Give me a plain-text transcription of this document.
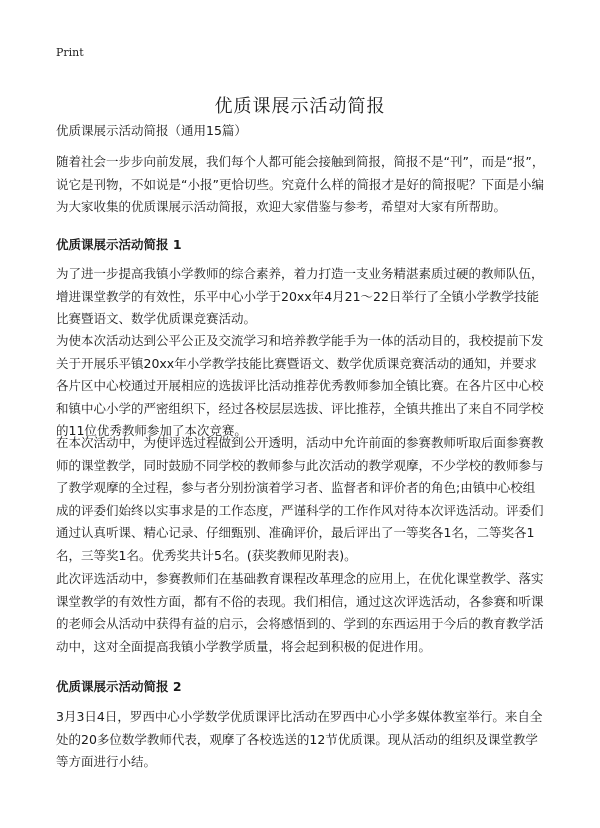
Print
优质课展示活动简报

优质课展示活动简报（通用15篇）

随着社会一步步向前发展，我们每个人都可能会接触到简报，简报不是“刊”，而是“报”，说它是刊物，不如说是“小报”更恰切些。究竟什么样的简报才是好的简报呢？下面是小编为大家收集的优质课展示活动简报，欢迎大家借鉴与参考，希望对大家有所帮助。

优质课展示活动简报 1

为了进一步提高我镇小学教师的综合素养，着力打造一支业务精湛素质过硬的教师队伍，增进课堂教学的有效性，乐平中心小学于20xx年4月21～22日举行了全镇小学教学技能比赛暨语文、数学优质课竞赛活动。

为使本次活动达到公平公正及交流学习和培养教学能手为一体的活动目的，我校提前下发关于开展乐平镇20xx年小学教学技能比赛暨语文、数学优质课竞赛活动的通知，并要求各片区中心校通过开展相应的选拔评比活动推荐优秀教师参加全镇比赛。在各片区中心校和镇中心小学的严密组织下，经过各校层层选拔、评比推荐，全镇共推出了来自不同学校的11位优秀教师参加了本次竞赛。

在本次活动中，为使评选过程做到公开透明，活动中允许前面的参赛教师听取后面参赛教师的课堂教学，同时鼓励不同学校的教师参与此次活动的教学观摩，不少学校的教师参与了教学观摩的全过程，参与者分别扮演着学习者、监督者和评价者的角色;由镇中心校组成的评委们始终以实事求是的工作态度，严谨科学的工作作风对待本次评选活动。评委们通过认真听课、精心记录、仔细甄别、准确评价，最后评出了一等奖各1名，二等奖各1名，三等奖1名。优秀奖共计5名。(获奖教师见附表)。

此次评选活动中，参赛教师们在基础教育课程改革理念的应用上，在优化课堂教学、落实课堂教学的有效性方面，都有不俗的表现。我们相信，通过这次评选活动，各参赛和听课的老师会从活动中获得有益的启示，会将感悟到的、学到的东西运用于今后的教育教学活动中，这对全面提高我镇小学教学质量，将会起到积极的促进作用。

优质课展示活动简报 2

3月3日4日，罗西中心小学数学优质课评比活动在罗西中心小学多媒体教室举行。来自全处的20多位数学教师代表，观摩了各校选送的12节优质课。现从活动的组织及课堂教学等方面进行小结。
